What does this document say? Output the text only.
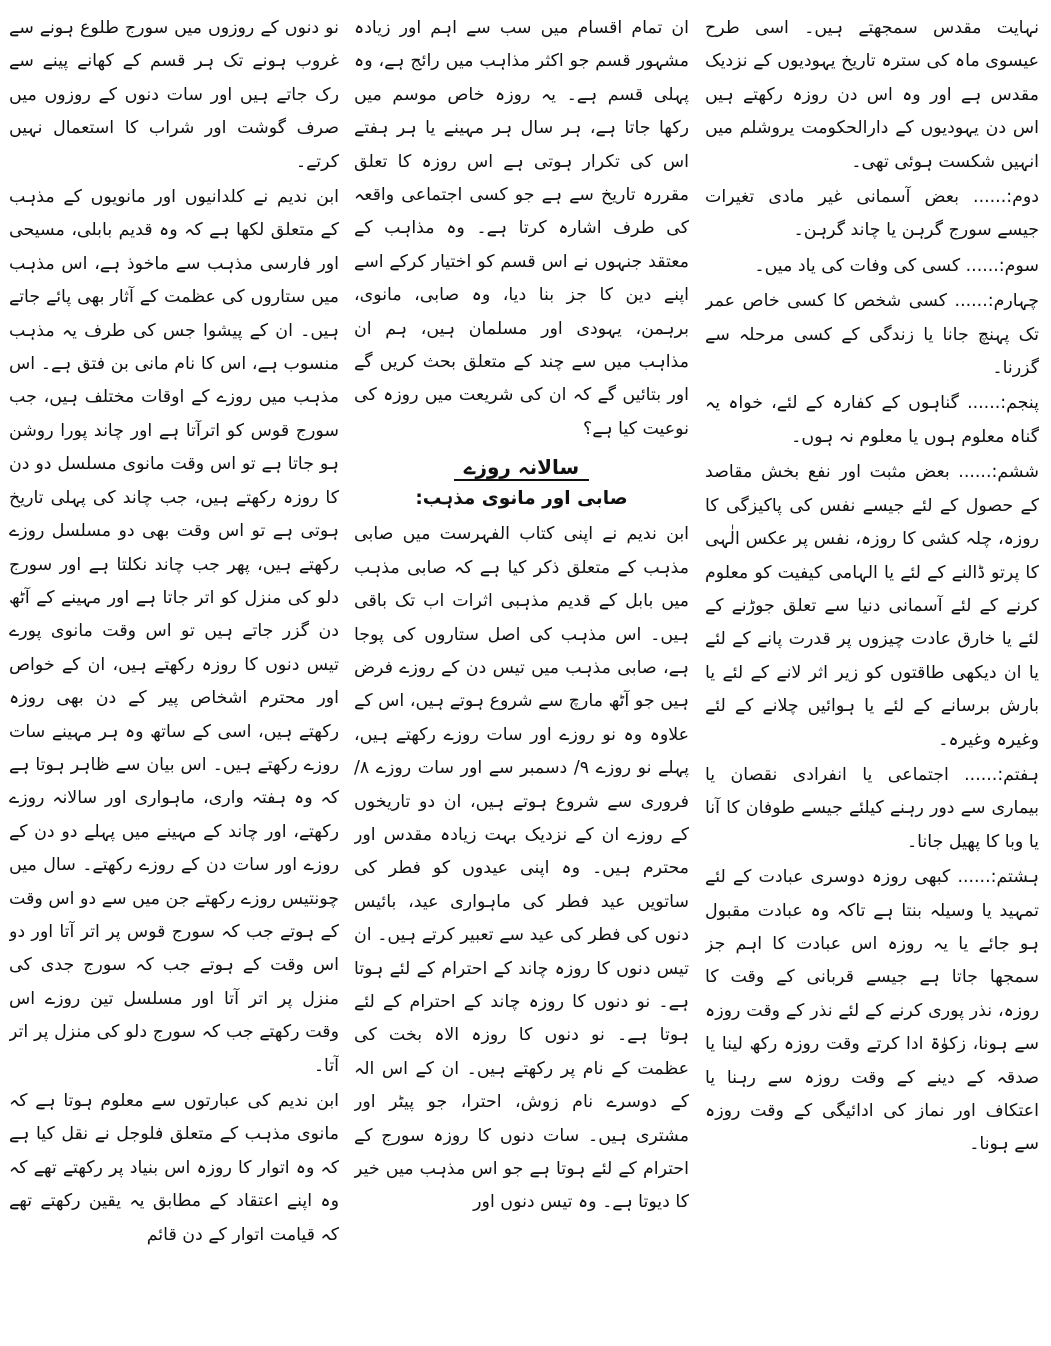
نہایت مقدس سمجھتے ہیں۔ اسی طرح عیسوی ماہ کی سترہ تاریخ یہودیوں کے نزدیک مقدس ہے اور وہ اس دن روزہ رکھتے ہیں اس دن یہودیوں کے دارالحکومت یروشلم میں انہیں شکست ہوئی تھی۔

دوم:...... بعض آسمانی غیر مادی تغیرات جیسے سورج گرہن یا چاند گرہن۔

سوم:...... کسی کی وفات کی یاد میں۔

چہارم:...... کسی شخص کا کسی خاص عمر تک پہنچ جانا یا زندگی کے کسی مرحلہ سے گزرنا۔

پنجم:...... گناہوں کے کفارہ کے لئے، خواہ یہ گناہ معلوم ہوں یا معلوم نہ ہوں۔

ششم:...... بعض مثبت اور نفع بخش مقاصد کے حصول کے لئے جیسے نفس کی پاکیزگی کا روزہ، چلہ کشی کا روزہ، نفس پر عکس الٰہی کا پرتو ڈالنے کے لئے یا الہامی کیفیت کو معلوم کرنے کے لئے آسمانی دنیا سے تعلق جوڑنے کے لئے یا خارق عادت چیزوں پر قدرت پانے کے لئے یا ان دیکھی طاقتوں کو زیر اثر لانے کے لئے یا بارش برسانے کے لئے یا ہوائیں چلانے کے لئے وغیرہ وغیرہ۔

ہفتم:...... اجتماعی یا انفرادی نقصان یا بیماری سے دور رہنے کیلئے جیسے طوفان کا آنا یا وبا کا پھیل جانا۔

ہشتم:...... کبھی روزہ دوسری عبادت کے لئے تمہید یا وسیلہ بنتا ہے تاکہ وہ عبادت مقبول ہو جائے یا یہ روزہ اس عبادت کا اہم جز سمجھا جاتا ہے جیسے قربانی کے وقت کا روزہ، نذر پوری کرنے کے لئے نذر کے وقت روزہ سے ہونا، زکوٰۃ ادا کرتے وقت روزہ رکھ لینا یا صدقہ کے دینے کے وقت روزہ سے رہنا یا اعتکاف اور نماز کی ادائیگی کے وقت روزہ سے ہونا۔

ان تمام اقسام میں سب سے اہم اور زیادہ مشہور قسم جو اکثر مذاہب میں رائج ہے، وہ پہلی قسم ہے۔ یہ روزہ خاص موسم میں رکھا جاتا ہے، ہر سال ہر مہینے یا ہر ہفتے اس کی تکرار ہوتی ہے اس روزہ کا تعلق مقررہ تاریخ سے ہے جو کسی اجتماعی واقعہ کی طرف اشارہ کرتا ہے۔ وہ مذاہب کے معتقد جنہوں نے اس قسم کو اختیار کرکے اسے اپنے دین کا جز بنا دیا، وہ صابی، مانوی، برہمن، یہودی اور مسلمان ہیں، ہم ان مذاہب میں سے چند کے متعلق بحث کریں گے اور بتائیں گے کہ ان کی شریعت میں روزہ کی نوعیت کیا ہے؟

سالانہ روزے
صابی اور مانوی مذہب:

ابن ندیم نے اپنی کتاب الفہرست میں صابی مذہب کے متعلق ذکر کیا ہے کہ صابی مذہب میں بابل کے قدیم مذہبی اثرات اب تک باقی ہیں۔ اس مذہب کی اصل ستاروں کی پوجا ہے، صابی مذہب میں تیس دن کے روزے فرض ہیں جو آٹھ مارچ سے شروع ہوتے ہیں، اس کے علاوہ وہ نو روزے اور سات روزے رکھتے ہیں، پہلے نو روزے ۹/ دسمبر سے اور سات روزے ۸/ فروری سے شروع ہوتے ہیں، ان دو تاریخوں کے روزے ان کے نزدیک بہت زیادہ مقدس اور محترم ہیں۔ وہ اپنی عیدوں کو فطر کی ساتویں عید فطر کی ماہواری عید، بائیس دنوں کی فطر کی عید سے تعبیر کرتے ہیں۔ ان تیس دنوں کا روزہ چاند کے احترام کے لئے ہوتا ہے۔ نو دنوں کا روزہ چاند کے احترام کے لئے ہوتا ہے۔ نو دنوں کا روزہ الاہ بخت کی عظمت کے نام پر رکھتے ہیں۔ ان کے اس الہ کے دوسرے نام زوش، احترا، جو پیٹر اور مشتری ہیں۔ سات دنوں کا روزہ سورج کے احترام کے لئے ہوتا ہے جو اس مذہب میں خیر کا دیوتا ہے۔ وہ تیس دنوں اور

نو دنوں کے روزوں میں سورج طلوع ہونے سے غروب ہونے تک ہر قسم کے کھانے پینے سے رک جاتے ہیں اور سات دنوں کے روزوں میں صرف گوشت اور شراب کا استعمال نہیں کرتے۔

ابن ندیم نے کلدانیوں اور مانویوں کے مذہب کے متعلق لکھا ہے کہ وہ قدیم بابلی، مسیحی اور فارسی مذہب سے ماخوذ ہے، اس مذہب میں ستاروں کی عظمت کے آثار بھی پائے جاتے ہیں۔ ان کے پیشوا جس کی طرف یہ مذہب منسوب ہے، اس کا نام مانی بن فتق ہے۔ اس مذہب میں روزے کے اوقات مختلف ہیں، جب سورج قوس کو اترآتا ہے اور چاند پورا روشن ہو جاتا ہے تو اس وقت مانوی مسلسل دو دن کا روزہ رکھتے ہیں، جب چاند کی پہلی تاریخ ہوتی ہے تو اس وقت بھی دو مسلسل روزے رکھتے ہیں، پھر جب چاند نکلتا ہے اور سورج دلو کی منزل کو اتر جاتا ہے اور مہینے کے آٹھ دن گزر جاتے ہیں تو اس وقت مانوی پورے تیس دنوں کا روزہ رکھتے ہیں، ان کے خواص اور محترم اشخاص پیر کے دن بھی روزہ رکھتے ہیں، اسی کے ساتھ وہ ہر مہینے سات روزے رکھتے ہیں۔ اس بیان سے ظاہر ہوتا ہے کہ وہ ہفتہ واری، ماہواری اور سالانہ روزے رکھتے، اور چاند کے مہینے میں پہلے دو دن کے روزے اور سات دن کے روزے رکھتے۔ سال میں چونتیس روزے رکھتے جن میں سے دو اس وقت کے ہوتے جب کہ سورج قوس پر اتر آتا اور دو اس وقت کے ہوتے جب کہ سورج جدی کی منزل پر اتر آتا اور مسلسل تین روزے اس وقت رکھتے جب کہ سورج دلو کی منزل پر اتر آتا۔

ابن ندیم کی عبارتوں سے معلوم ہوتا ہے کہ مانوی مذہب کے متعلق فلوجل نے نقل کیا ہے کہ وہ اتوار کا روزہ اس بنیاد پر رکھتے تھے کہ وہ اپنے اعتقاد کے مطابق یہ یقین رکھتے تھے کہ قیامت اتوار کے دن قائم
